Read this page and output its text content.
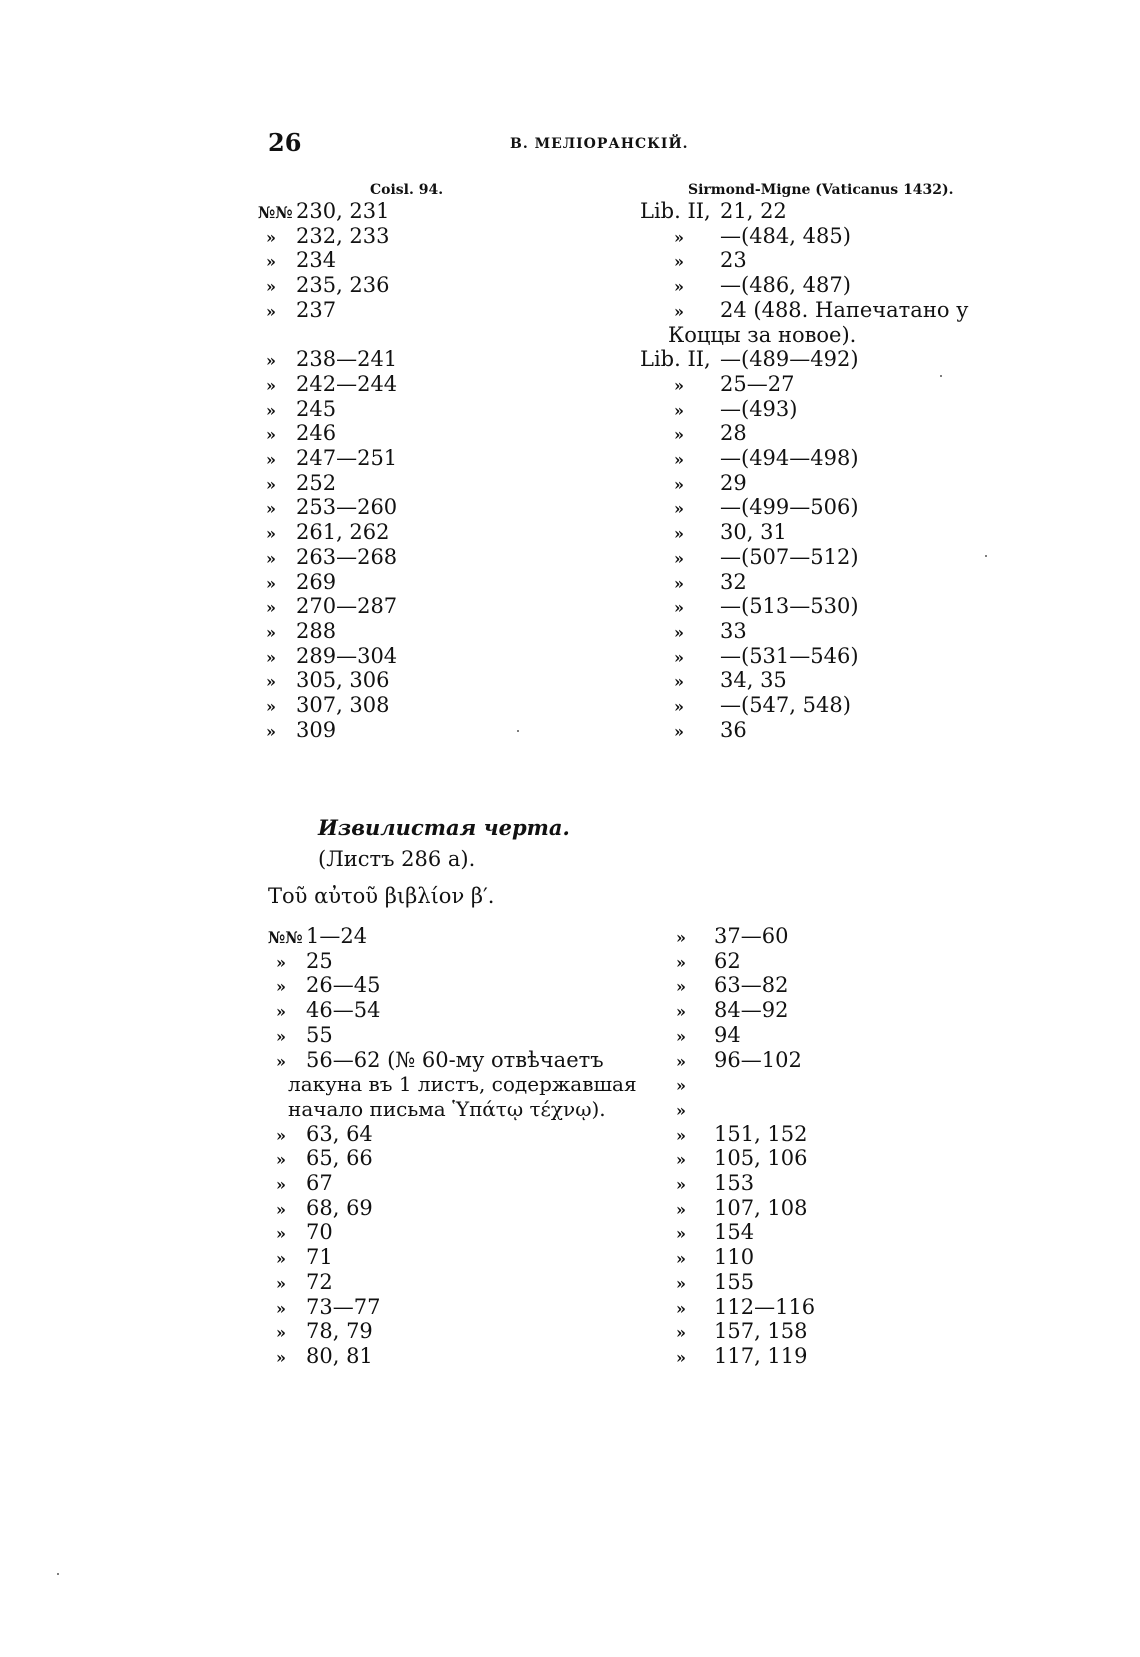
26	В. МЕЛІОРАНСКІЙ.
Coisl. 94.	Sirmond-Migne (Vaticanus 1432).
№№ 230, 231
» 232, 233
» 234
» 235, 236
» 237
» 238—241
» 242—244
» 245
» 246
» 247—251
» 252
» 253—260
» 261, 262
» 263—268
» 269
» 270—287
» 288
» 289—304
» 305, 306
» 307, 308
» 309
Lib. II, 21, 22
» —(484, 485)
» 23
» —(486, 487)
» 24 (488. Напечатано у
Коццы за новое).
Lib. II, —(489—492)
» 25—27
» —(493)
» 28
» —(494—498)
» 29
» —(499—506)
» 30, 31
» —(507—512)
» 32
» —(513—530)
» 33
» —(531—546)
» 34, 35
» —(547, 548)
» 36
Извилистая черта.
(Листъ 286 а).
Τοῦ αὐτοῦ βιβλίον β′.
№№ 1—24
» 25
» 26—45
» 46—54
» 55
» 56—62 (№ 60-му отвѣчаетъ
лакуна въ 1 листъ, содержавшая
начало письма Ὑπάτῳ τέχνῳ).
» 63, 64
» 65, 66
» 67
» 68, 69
» 70
» 71
» 72
» 73—77
» 78, 79
» 80, 81
» 37—60
» 62
» 63—82
» 84—92
» 94
» 96—102
»
»
» 151, 152
» 105, 106
» 153
» 107, 108
» 154
» 110
» 155
» 112—116
» 157, 158
» 117, 119
